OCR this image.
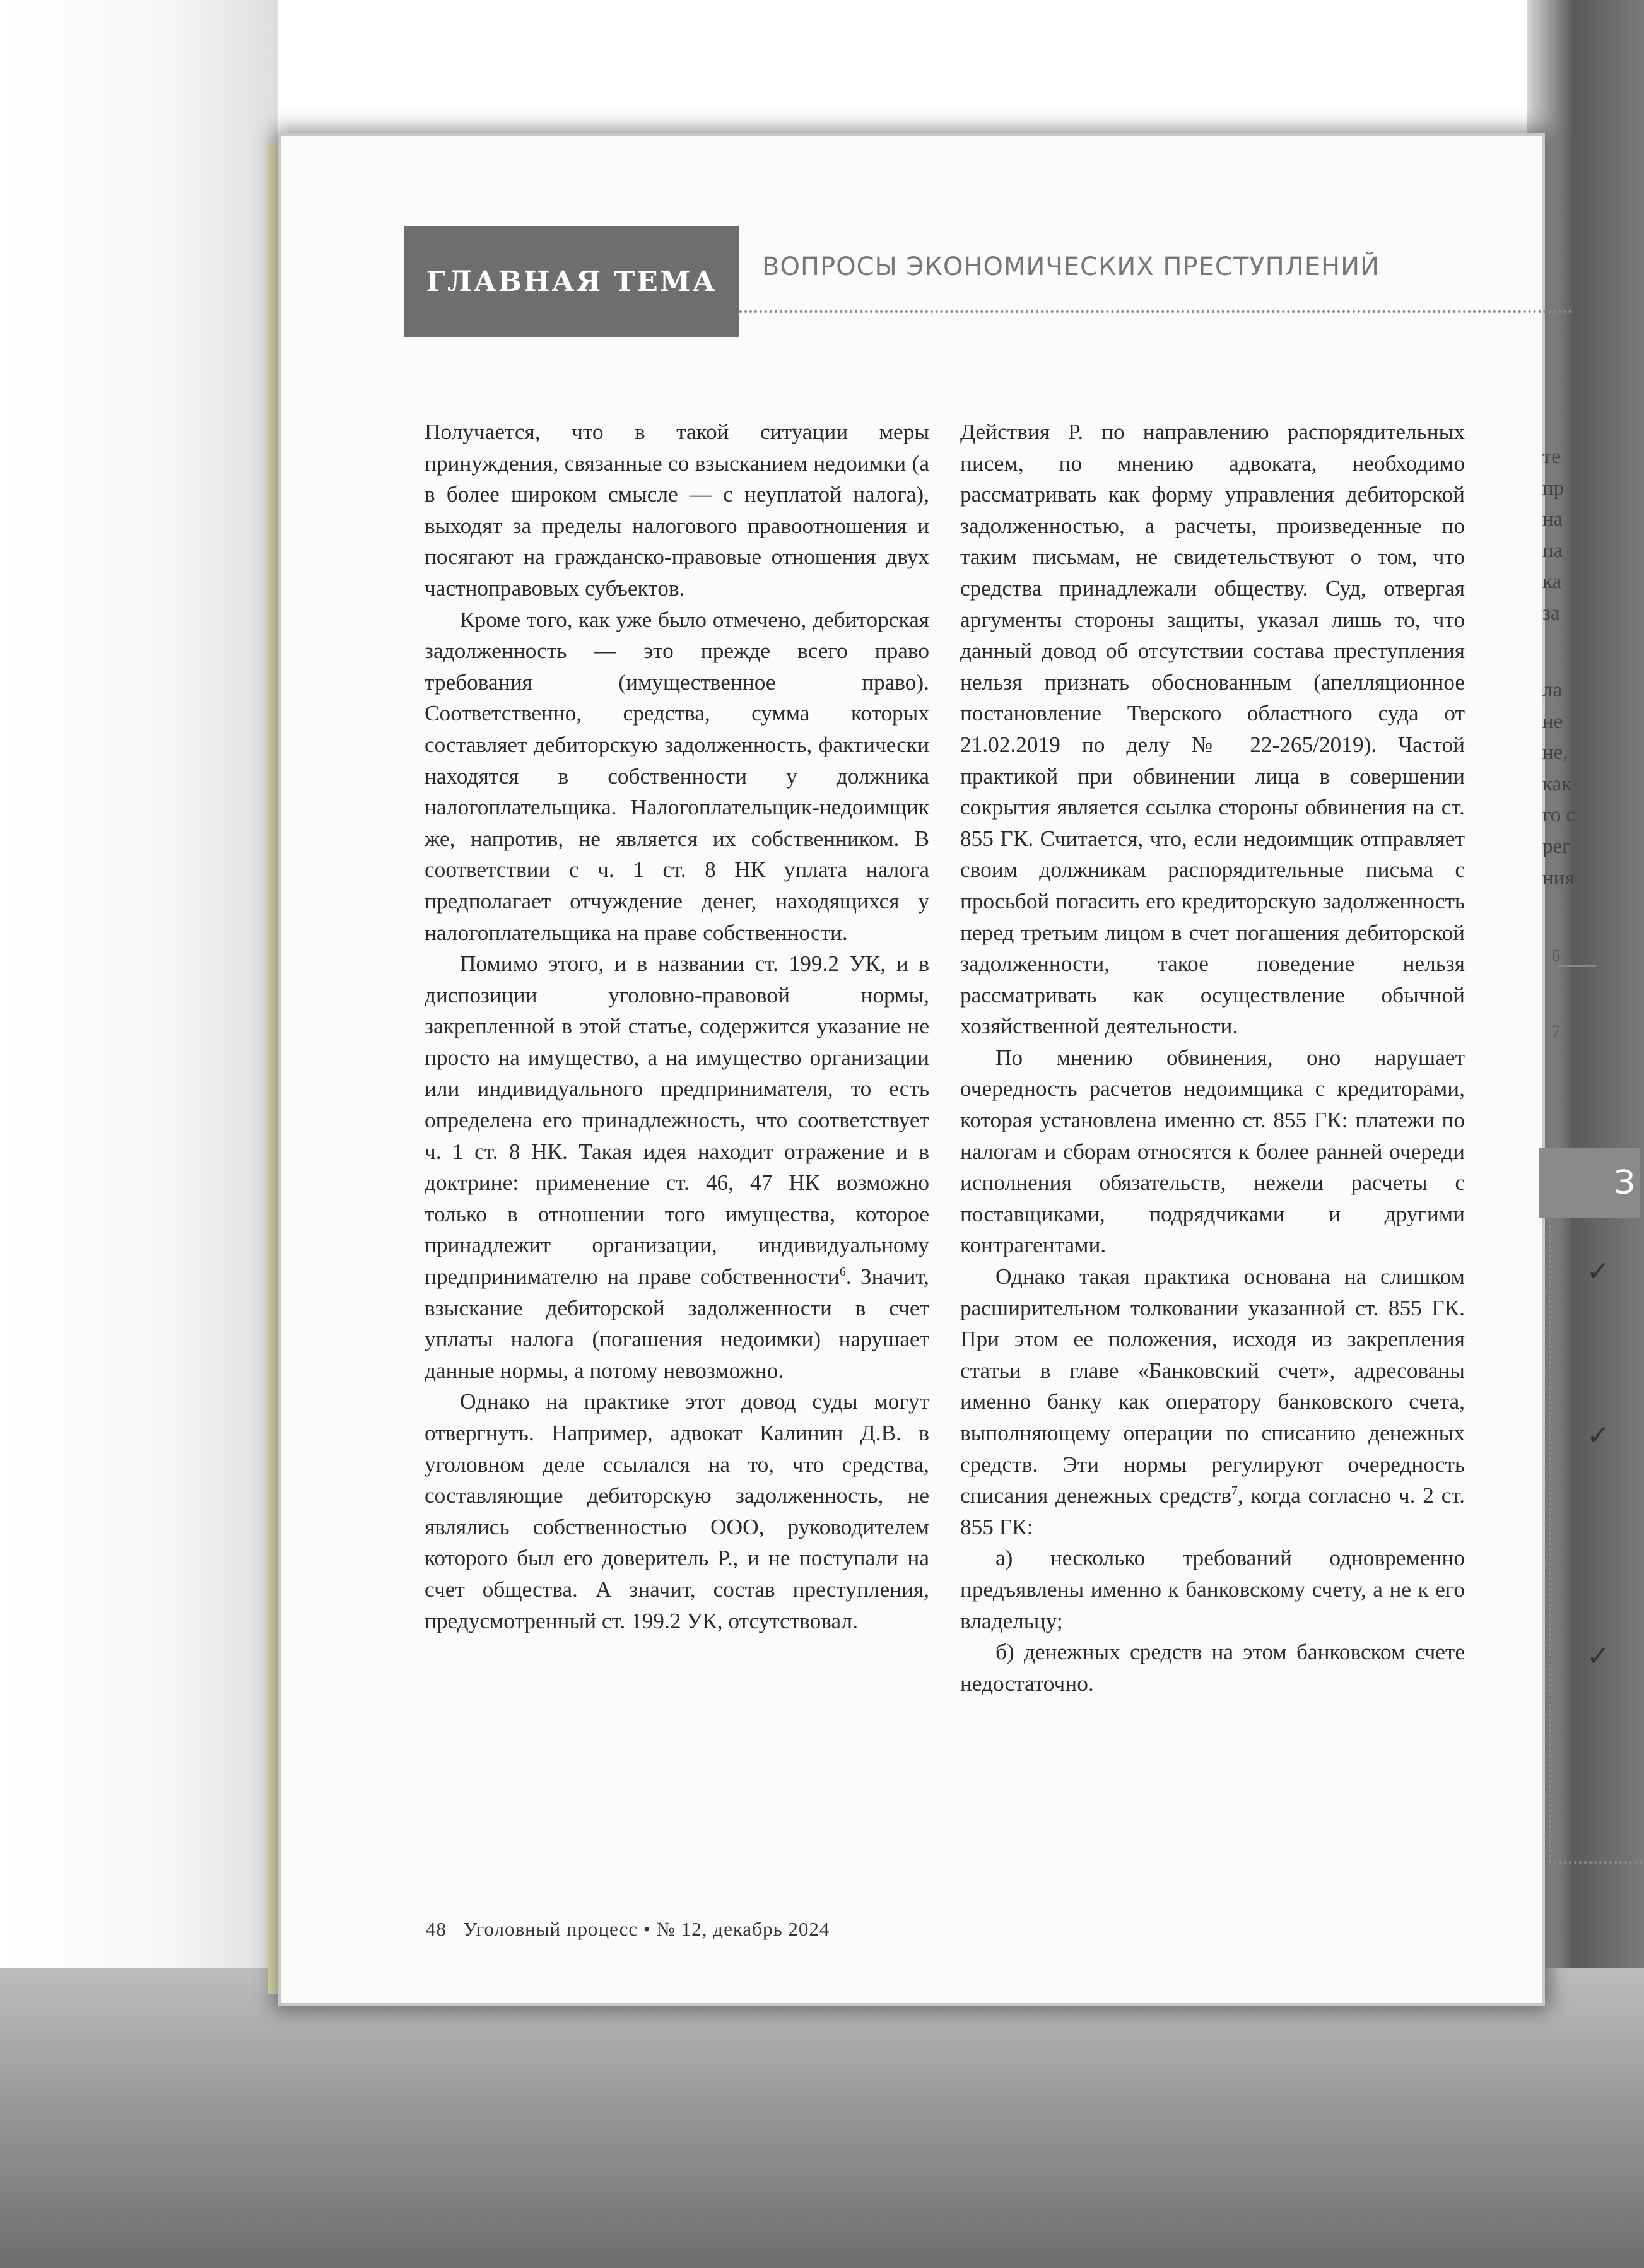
ГЛАВНАЯ ТЕМА ВОПРОСЫ ЭКОНОМИЧЕСКИХ ПРЕСТУПЛЕНИЙ

Получается, что в такой ситуации меры принуждения, связанные со взысканием недоимки (а в более широком смысле — с неуплатой налога), выходят за пределы налогового правоотношения и посягают на гражданско-правовые отношения двух частноправовых субъектов.

Кроме того, как уже было отмечено, дебиторская задолженность — это прежде всего право требования (имущественное право). Соответственно, средства, сумма которых составляет дебиторскую задолженность, фактически находятся в собственности у должника налогоплательщика. Налогоплательщик-недоимщик же, напротив, не является их собственником. В соответствии с ч. 1 ст. 8 НК уплата налога предполагает отчуждение денег, находящихся у налогоплательщика на праве собственности.

Помимо этого, и в названии ст. 199.2 УК, и в диспозиции уголовно-правовой нормы, закрепленной в этой статье, содержится указание не просто на имущество, а на имущество организации или индивидуального предпринимателя, то есть определена его принадлежность, что соответствует ч. 1 ст. 8 НК. Такая идея находит отражение и в доктрине: применение ст. 46, 47 НК возможно только в отношении того имущества, которое принадлежит организации, индивидуальному предпринимателю на праве собственности$^6$. Значит, взыскание дебиторской задолженности в счет уплаты налога (погашения недоимки) нарушает данные нормы, а потому невозможно.

Однако на практике этот довод суды могут отвергнуть. Например, адвокат Калинин Д.В. в уголовном деле ссылался на то, что средства, составляющие дебиторскую задолженность, не являлись собственностью ООО, руководителем которого был его доверитель Р., и не поступали на счет общества. А значит, состав преступления, предусмотренный ст. 199.2 УК, отсутствовал.

Действия Р. по направлению распорядительных писем, по мнению адвоката, необходимо рассматривать как форму управления дебиторской задолженностью, а расчеты, произведенные по таким письмам, не свидетельствуют о том, что средства принадлежали обществу. Суд, отвергая аргументы стороны защиты, указал лишь то, что данный довод об отсутствии состава преступления нельзя признать обоснованным (апелляционное постановление Тверского областного суда от 21.02.2019 по делу № 22-265/2019). Частой практикой при обвинении лица в совершении сокрытия является ссылка стороны обвинения на ст. 855 ГК. Считается, что, если недоимщик отправляет своим должникам распорядительные письма с просьбой погасить его кредиторскую задолженность перед третьим лицом в счет погашения дебиторской задолженности, такое поведение нельзя рассматривать как осуществление обычной хозяйственной деятельности.

По мнению обвинения, оно нарушает очередность расчетов недоимщика с кредиторами, которая установлена именно ст. 855 ГК: платежи по налогам и сборам относятся к более ранней очереди исполнения обязательств, нежели расчеты с поставщиками, подрядчиками и другими контрагентами.

Однако такая практика основана на слишком расширительном толковании указанной ст. 855 ГК. При этом ее положения, исходя из закрепления статьи в главе «Банковский счет», адресованы именно банку как оператору банковского счета, выполняющему операции по списанию денежных средств. Эти нормы регулируют очередность списания денежных средств$^7$, когда согласно ч. 2 ст. 855 ГК:

а) несколько требований одновременно предъявлены именно к банковскому счету, а не к его владельцу;

б) денежных средств на этом банковском счете недостаточно.

48 Уголовный процесс • № 12, декабрь 2024
те
пр
на
па
ка
за
ла
не
не,
как
го с
рег
ния
6
7
З
✓
✓
✓
